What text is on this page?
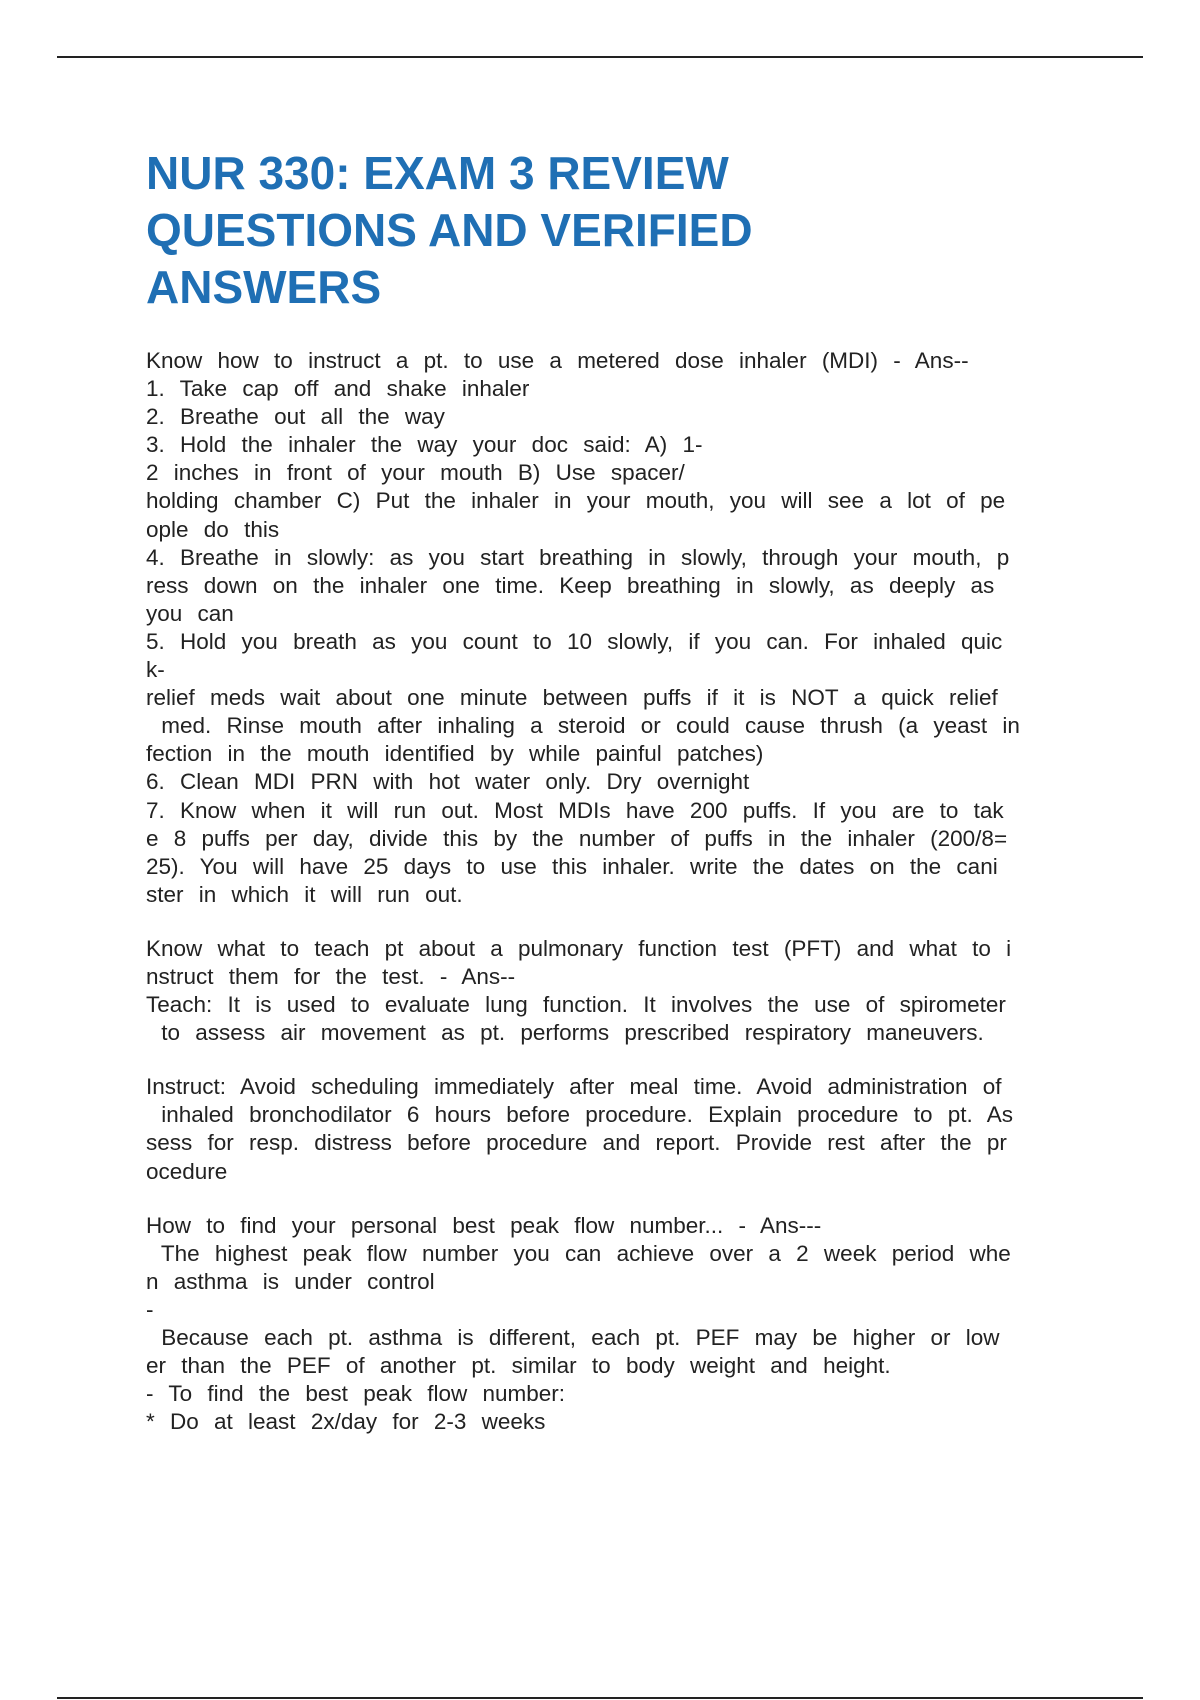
NUR 330: EXAM 3 REVIEW
QUESTIONS AND VERIFIED
ANSWERS
Know how to instruct a pt. to use a metered dose inhaler (MDI) - Ans--
1. Take cap off and shake inhaler
2. Breathe out all the way
3. Hold the inhaler the way your doc said: A) 1-
2 inches in front of your mouth B) Use spacer/
holding chamber C) Put the inhaler in your mouth, you will see a lot of pe
ople do this
4. Breathe in slowly: as you start breathing in slowly, through your mouth, p
ress down on the inhaler one time. Keep breathing in slowly, as deeply as
you can
5. Hold you breath as you count to 10 slowly, if you can. For inhaled quic
k-
relief meds wait about one minute between puffs if it is NOT a quick relief
med. Rinse mouth after inhaling a steroid or could cause thrush (a yeast in
fection in the mouth identified by while painful patches)
6. Clean MDI PRN with hot water only. Dry overnight
7. Know when it will run out. Most MDIs have 200 puffs. If you are to tak
e 8 puffs per day, divide this by the number of puffs in the inhaler (200/8=
25). You will have 25 days to use this inhaler. write the dates on the cani
ster in which it will run out.
Know what to teach pt about a pulmonary function test (PFT) and what to i
nstruct them for the test. - Ans--
Teach: It is used to evaluate lung function. It involves the use of spirometer
to assess air movement as pt. performs prescribed respiratory maneuvers.
Instruct: Avoid scheduling immediately after meal time. Avoid administration of
inhaled bronchodilator 6 hours before procedure. Explain procedure to pt. As
sess for resp. distress before procedure and report. Provide rest after the pr
ocedure
How to find your personal best peak flow number... - Ans---
The highest peak flow number you can achieve over a 2 week period whe
n asthma is under control
-
Because each pt. asthma is different, each pt. PEF may be higher or low
er than the PEF of another pt. similar to body weight and height.
- To find the best peak flow number:
* Do at least 2x/day for 2-3 weeks
